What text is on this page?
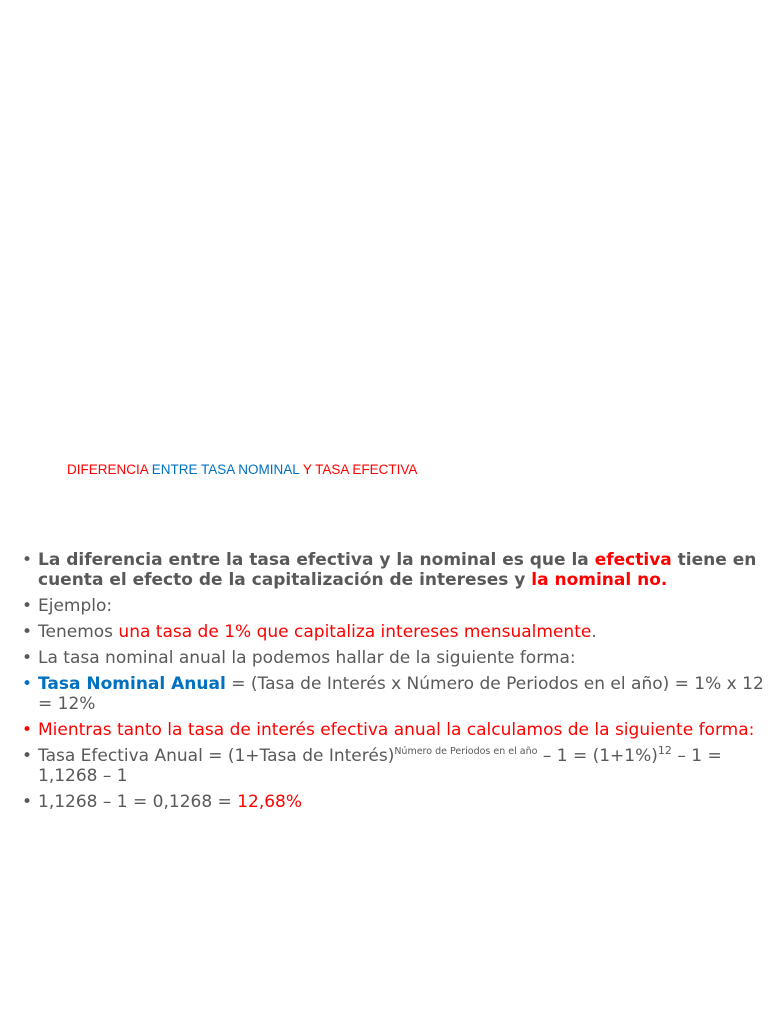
DIFERENCIA ENTRE TASA NOMINAL Y TASA EFECTIVA
• La diferencia entre la tasa efectiva y la nominal es que la efectiva tiene en cuenta el efecto de la capitalización de intereses y la nominal no.
• Ejemplo:
• Tenemos una tasa de 1% que capitaliza intereses mensualmente.
• La tasa nominal anual la podemos hallar de la siguiente forma:
• Tasa Nominal Anual = (Tasa de Interés x Número de Periodos en el año) = 1% x 12 = 12%
• Mientras tanto la tasa de interés efectiva anual la calculamos de la siguiente forma:
• Tasa Efectiva Anual = (1+Tasa de Interés)$^{Número de Periodos en el año}$ – $1 = (1+1\%)^{12} - 1 = 1,1268 - 1$
• 1,1268 – 1 = 0,1268 = 12,68%
